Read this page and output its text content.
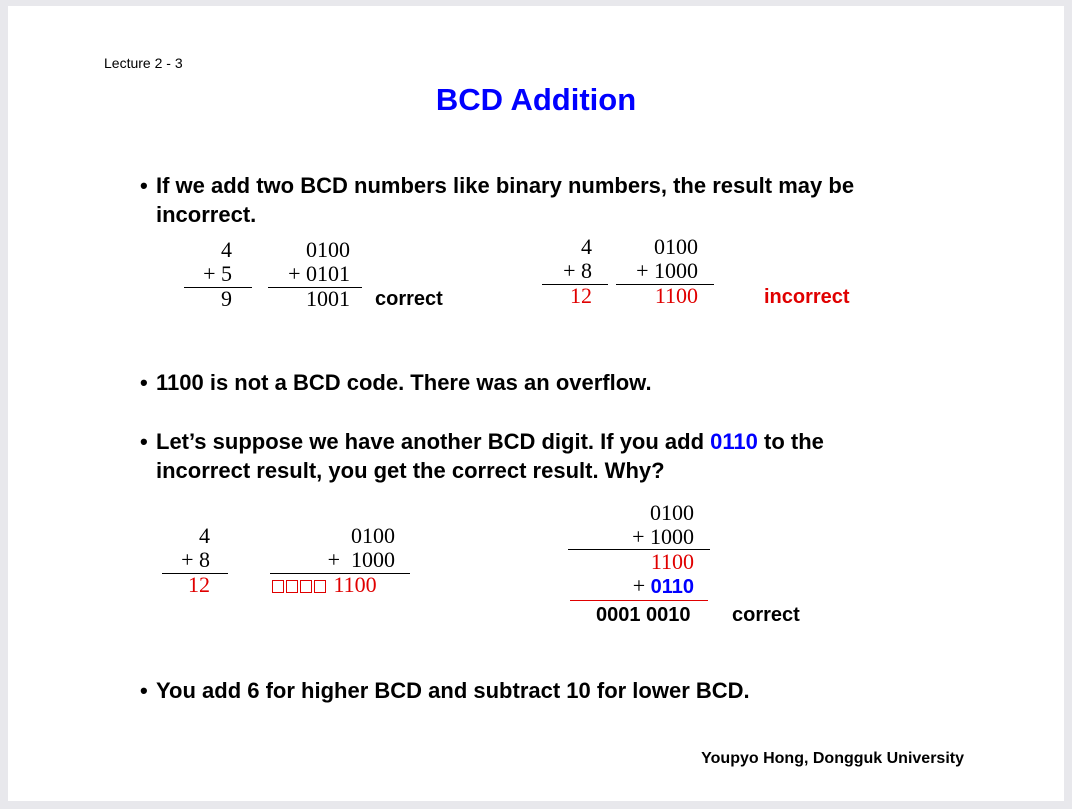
Lecture 2 - 3
BCD Addition
• If we add two BCD numbers like binary numbers, the result may be
incorrect.
4
+ 5
9
0100
+ 0101
1001 correct
4
+ 8
12
0100
+ 1000
1100	incorrect
• 1100 is not a BCD code. There was an overflow.
• Let’s suppose we have another BCD digit. If you add 0110 to the
incorrect result, you get the correct result. Why?
4
+ 8
12
0100
+  1000
1100
0100
+ 1000
1100
+ 0110
0001 0010 correct
• You add 6 for higher BCD and subtract 10 for lower BCD.
Youpyo Hong, Dongguk University
